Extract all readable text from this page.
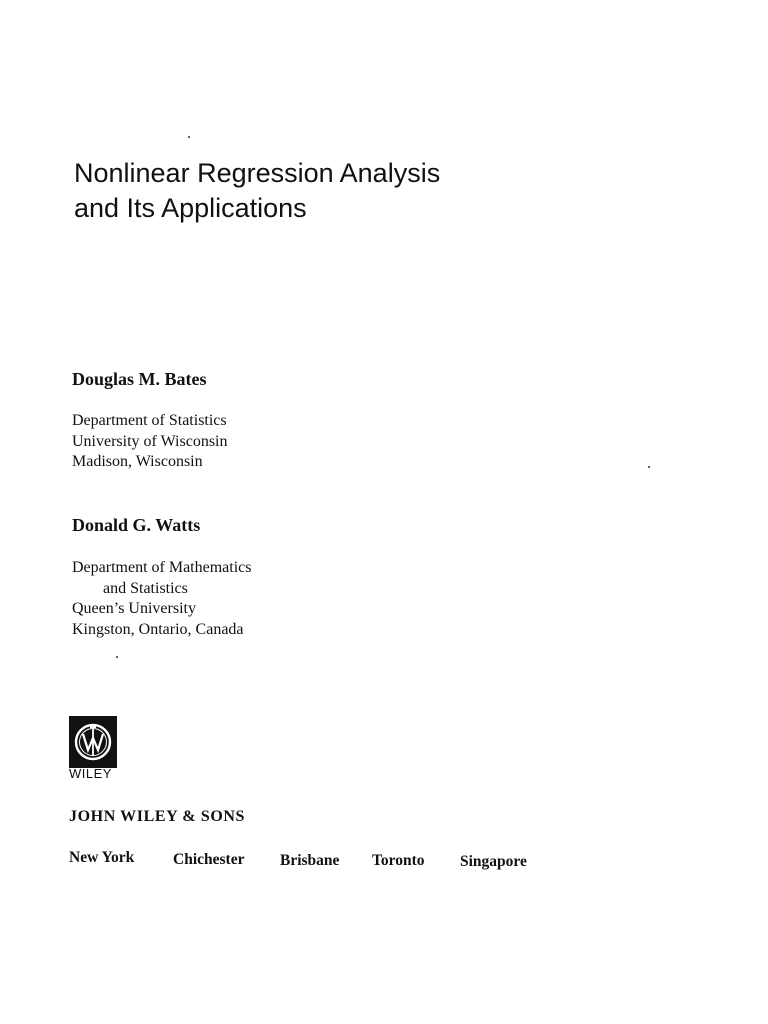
Nonlinear Regression Analysis
and Its Applications
Douglas M. Bates
Department of Statistics
University of Wisconsin
Madison, Wisconsin
Donald G. Watts
Department of Mathematics
and Statistics
Queen’s University
Kingston, Ontario, Canada
WILEY
JOHN WILEY & SONS
New York Chichester Brisbane Toronto Singapore
